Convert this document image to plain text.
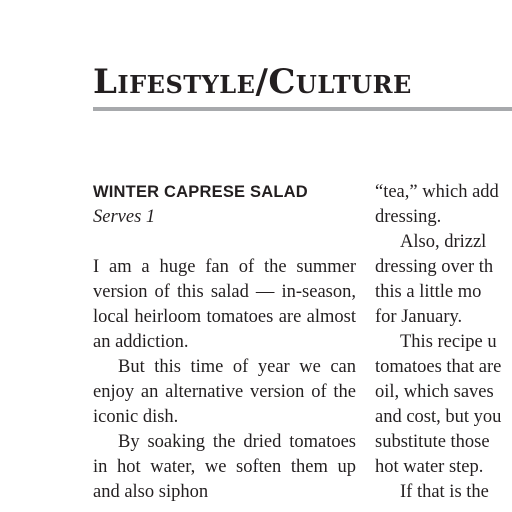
Lifestyle/Culture
WINTER CAPRESE SALAD

Serves 1

I am a huge fan of the summer version of this salad — in-season, local heirloom tomatoes are almost an addiction.

But this time of year we can enjoy an alternative version of the iconic dish.

By soaking the dried tomatoes in hot water, we soften them up and also siphon

“tea,” which add

dressing.

Also, drizzl

dressing over th

this a little mo

for January.

This recipe u

tomatoes that are

oil, which saves

and cost, but you

substitute those

hot water step.

If that is the
